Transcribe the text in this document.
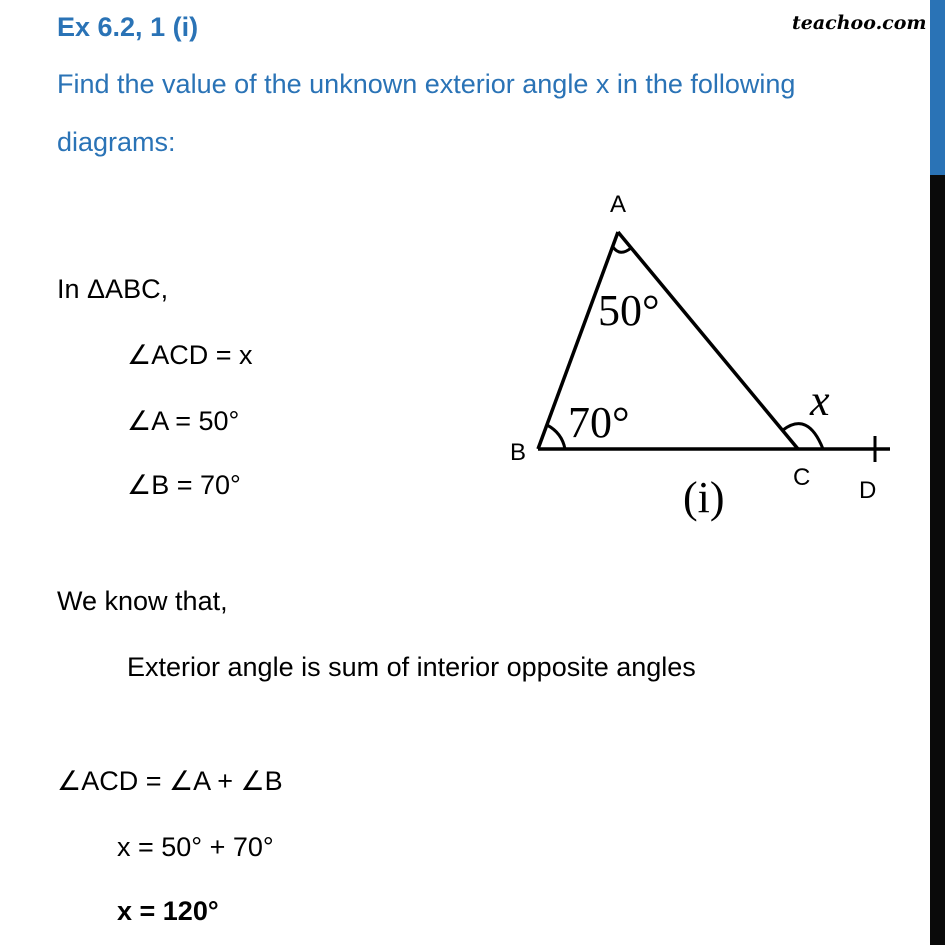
Ex 6.2, 1 (i)	teachoo.com
Find the value of the unknown exterior angle x in the following
diagrams:
In ΔABC,
∠ACD = x
∠A = 50°
∠B = 70°
We know that,
Exterior angle is sum of interior opposite angles
∠ACD = ∠A + ∠B
x = 50° + 70°
x = 120°
A
B
C D
50°
70°	x
(i)
